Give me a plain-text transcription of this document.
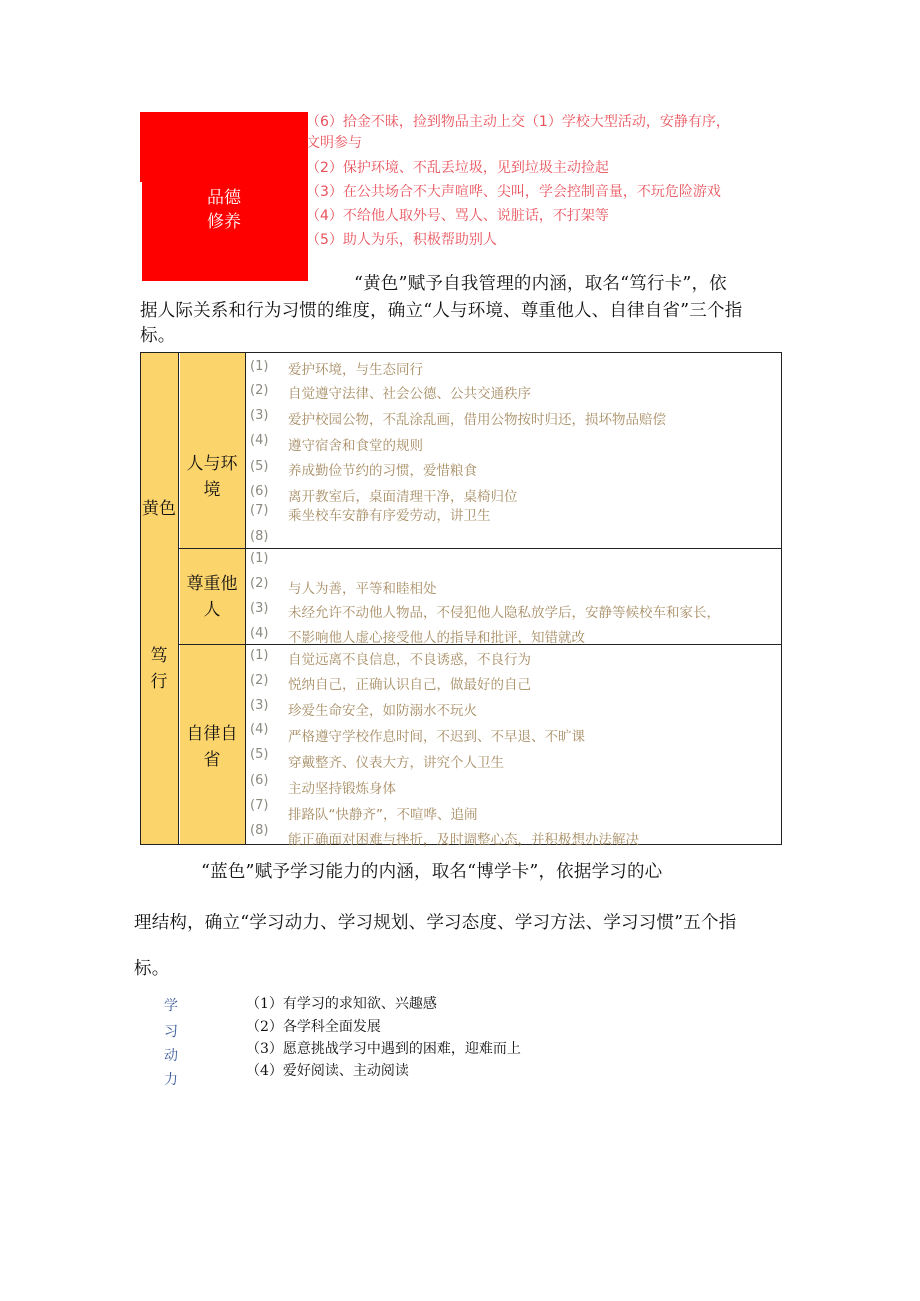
品德
修养
（6）拾金不昧，捡到物品主动上交（1）学校大型活动，安静有序，
文明参与
（2）保护环境、不乱丢垃圾，见到垃圾主动捡起
（3）在公共场合不大声喧哗、尖叫，学会控制音量，不玩危险游戏
（4）不给他人取外号、骂人、说脏话，不打架等
（5）助人为乐，积极帮助别人
“黄色”赋予自我管理的内涵，取名“笃行卡”，依
据人际关系和行为习惯的维度，确立“人与环境、尊重他人、自律自省”三个指
标。
黄色
笃
行
人与环
境
(1)
(2)
(3)
(4)
(5)
(6)
(7)
(8)
爱护环境，与生态同行
自觉遵守法律、社会公德、公共交通秩序
爱护校园公物，不乱涂乱画，借用公物按时归还，损坏物品赔偿
遵守宿舍和食堂的规则
养成勤俭节约的习惯，爱惜粮食
离开教室后，桌面清理干净，桌椅归位
乘坐校车安静有序爱劳动，讲卫生
尊重他
人
(1)
(2)
(3)
(4)
与人为善，平等和睦相处
未经允许不动他人物品，不侵犯他人隐私放学后，安静等候校车和家长，
不影响他人虚心接受他人的指导和批评，知错就改
自律自
省
(1)
(2)
(3)
(4)
(5)
(6)
(7)
(8)
自觉远离不良信息，不良诱惑，不良行为
悦纳自己，正确认识自己，做最好的自己
珍爱生命安全，如防溺水不玩火
严格遵守学校作息时间，不迟到、不早退、不旷课
穿戴整齐、仪表大方，讲究个人卫生
主动坚持锻炼身体
排路队“快静齐”，不喧哗、追闹
能正确面对困难与挫折，及时调整心态，并积极想办法解决
“蓝色”赋予学习能力的内涵，取名“博学卡”，依据学习的心
理结构，确立“学习动力、学习规划、学习态度、学习方法、学习习惯”五个指
标。
学
习
动
力
（1）有学习的求知欲、兴趣感
（2）各学科全面发展
（3）愿意挑战学习中遇到的困难，迎难而上
（4）爱好阅读、主动阅读
